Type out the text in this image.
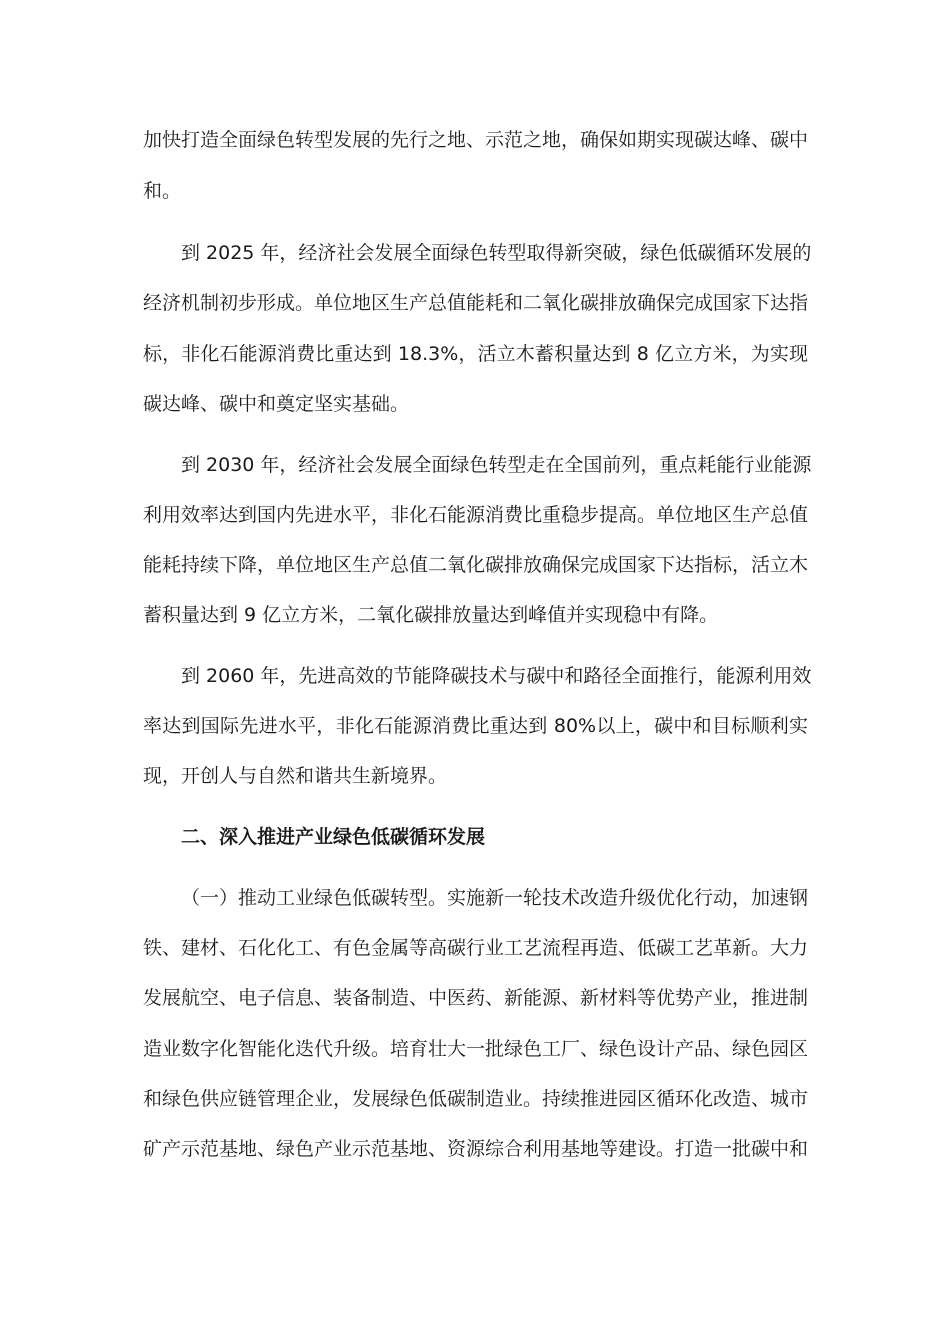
加快打造全面绿色转型发展的先行之地、示范之地，确保如期实现碳达峰、碳中
和。
到 2025 年，经济社会发展全面绿色转型取得新突破，绿色低碳循环发展的
经济机制初步形成。单位地区生产总值能耗和二氧化碳排放确保完成国家下达指
标，非化石能源消费比重达到 18.3%，活立木蓄积量达到 8 亿立方米，为实现
碳达峰、碳中和奠定坚实基础。
到 2030 年，经济社会发展全面绿色转型走在全国前列，重点耗能行业能源
利用效率达到国内先进水平，非化石能源消费比重稳步提高。单位地区生产总值
能耗持续下降，单位地区生产总值二氧化碳排放确保完成国家下达指标，活立木
蓄积量达到 9 亿立方米，二氧化碳排放量达到峰值并实现稳中有降。
到 2060 年，先进高效的节能降碳技术与碳中和路径全面推行，能源利用效
率达到国际先进水平，非化石能源消费比重达到 80%以上，碳中和目标顺利实
现，开创人与自然和谐共生新境界。
二、深入推进产业绿色低碳循环发展
（一）推动工业绿色低碳转型。实施新一轮技术改造升级优化行动，加速钢
铁、建材、石化化工、有色金属等高碳行业工艺流程再造、低碳工艺革新。大力
发展航空、电子信息、装备制造、中医药、新能源、新材料等优势产业，推进制
造业数字化智能化迭代升级。培育壮大一批绿色工厂、绿色设计产品、绿色园区
和绿色供应链管理企业，发展绿色低碳制造业。持续推进园区循环化改造、城市
矿产示范基地、绿色产业示范基地、资源综合利用基地等建设。打造一批碳中和
